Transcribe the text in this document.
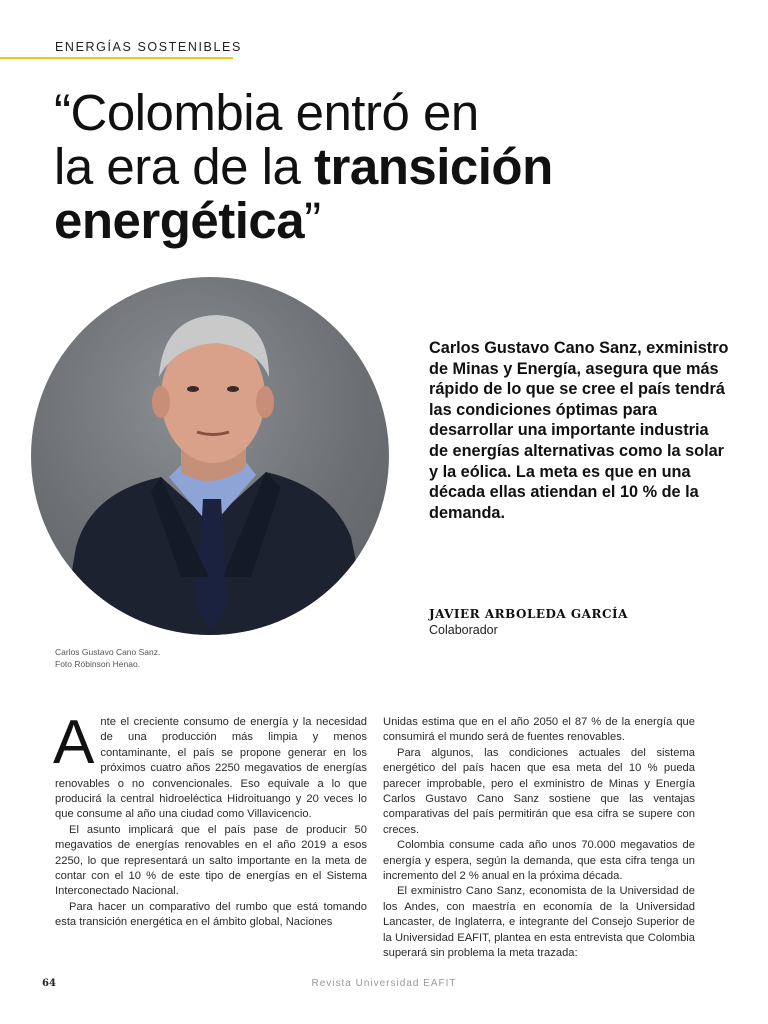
ENERGÍAS SOSTENIBLES

“Colombia entró en
la era de la transición
energética”

Carlos Gustavo Cano Sanz.
Foto Róbinson Henao.

Carlos Gustavo Cano Sanz, exministro de Minas y Energía, asegura que más rápido de lo que se cree el país tendrá las condiciones óptimas para desarrollar una importante industria de energías alternativas como la solar y la eólica. La meta es que en una década ellas atiendan el 10 % de la demanda.

JAVIER ARBOLEDA GARCÍA

Colaborador

Ante el creciente consumo de energía y la necesidad de una producción más limpia y menos contaminante, el país se propone generar en los próximos cuatro años 2250 megavatios de energías renovables o no convencionales. Eso equivale a lo que producirá la central hidroeléctica Hidroituango y 20 veces lo que consume al año una ciudad como Villavicencio.

El asunto implicará que el país pase de producir 50 megavatios de energías renovables en el año 2019 a esos 2250, lo que representará un salto importante en la meta de contar con el 10 % de este tipo de energías en el Sistema Interconectado Nacional.

Para hacer un comparativo del rumbo que está tomando esta transición energética en el ámbito global, Naciones

Unidas estima que en el año 2050 el 87 % de la energía que consumirá el mundo será de fuentes renovables.

Para algunos, las condiciones actuales del sistema energético del país hacen que esa meta del 10 % pueda parecer improbable, pero el exministro de Minas y Energía Carlos Gustavo Cano Sanz sostiene que las ventajas comparativas del país permitirán que esa cifra se supere con creces.

Colombia consume cada año unos 70.000 megavatios de energía y espera, según la demanda, que esta cifra tenga un incremento del 2 % anual en la próxima década.

El exministro Cano Sanz, economista de la Universidad de los Andes, con maestría en economía de la Universidad Lancaster, de Inglaterra, e integrante del Consejo Superior de la Universidad EAFIT, plantea en esta entrevista que Colombia superará sin problema la meta trazada:

64	Revista Universidad EAFIT
